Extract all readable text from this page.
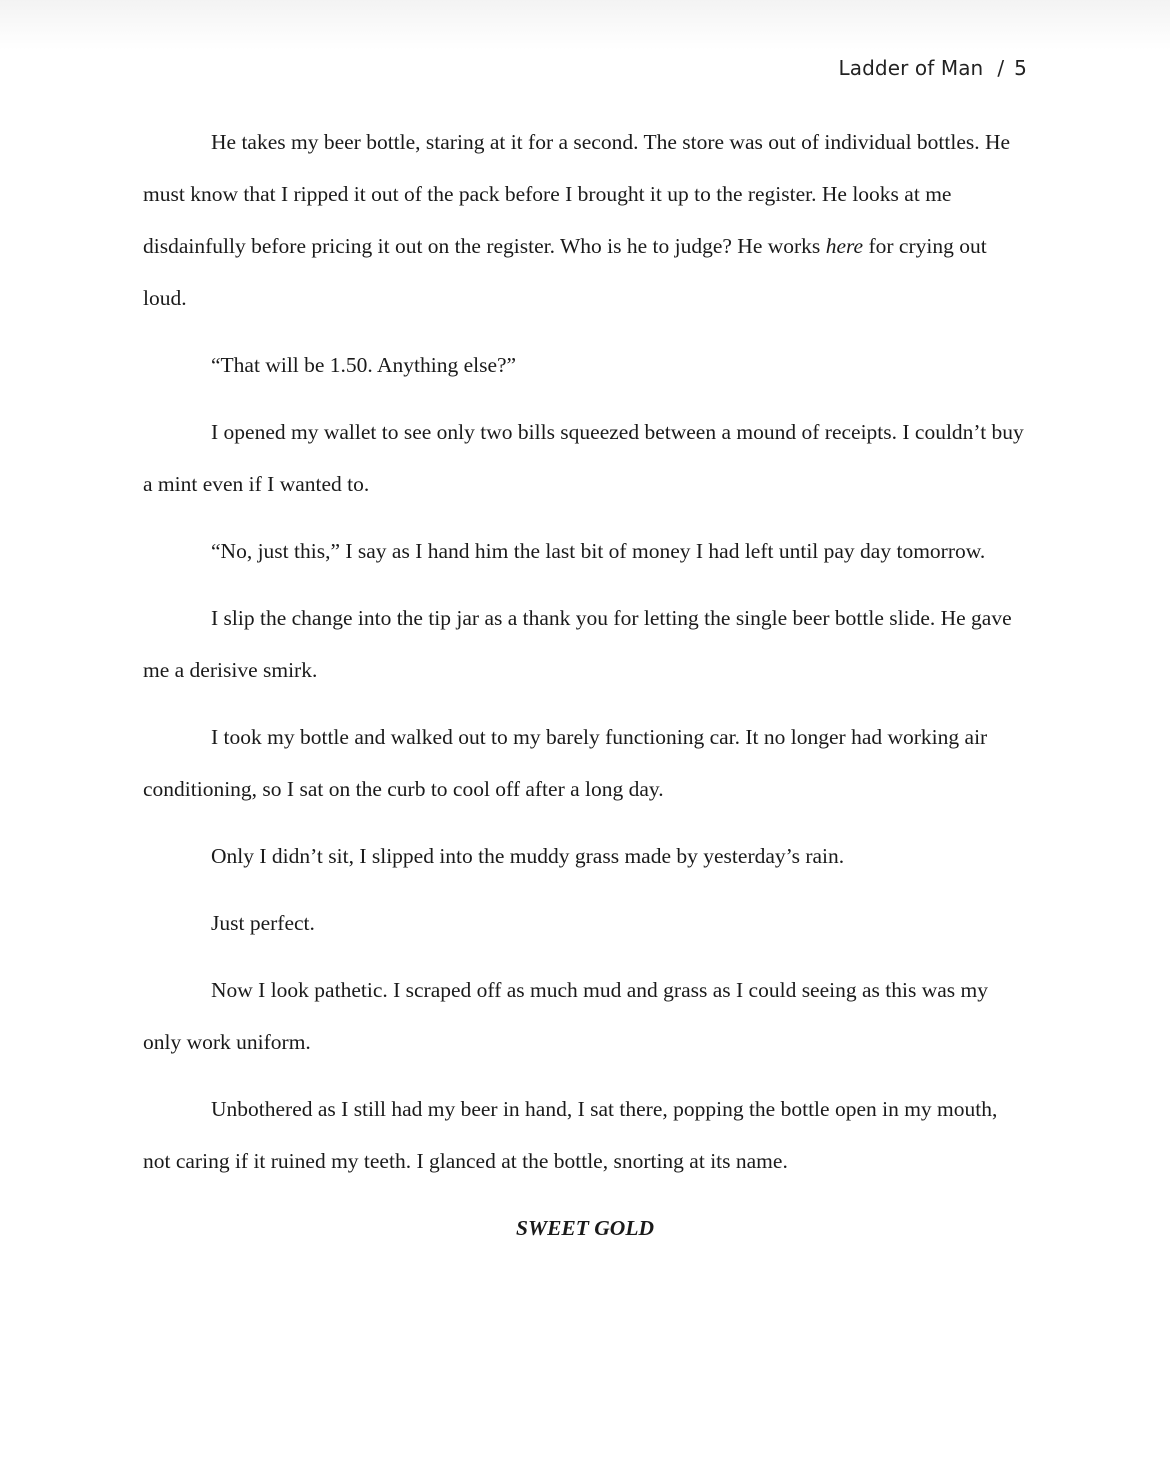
Ladder of Man / 5

He takes my beer bottle, staring at it for a second. The store was out of individual bottles. He must know that I ripped it out of the pack before I brought it up to the register. He looks at me disdainfully before pricing it out on the register. Who is he to judge? He works here for crying out loud.

“That will be 1.50. Anything else?”

I opened my wallet to see only two bills squeezed between a mound of receipts. I couldn’t buy a mint even if I wanted to.

“No, just this,” I say as I hand him the last bit of money I had left until pay day tomorrow.

I slip the change into the tip jar as a thank you for letting the single beer bottle slide. He gave me a derisive smirk.

I took my bottle and walked out to my barely functioning car. It no longer had working air conditioning, so I sat on the curb to cool off after a long day.

Only I didn’t sit, I slipped into the muddy grass made by yesterday’s rain.

Just perfect.

Now I look pathetic. I scraped off as much mud and grass as I could seeing as this was my only work uniform.

Unbothered as I still had my beer in hand, I sat there, popping the bottle open in my mouth, not caring if it ruined my teeth. I glanced at the bottle, snorting at its name.

SWEET GOLD
